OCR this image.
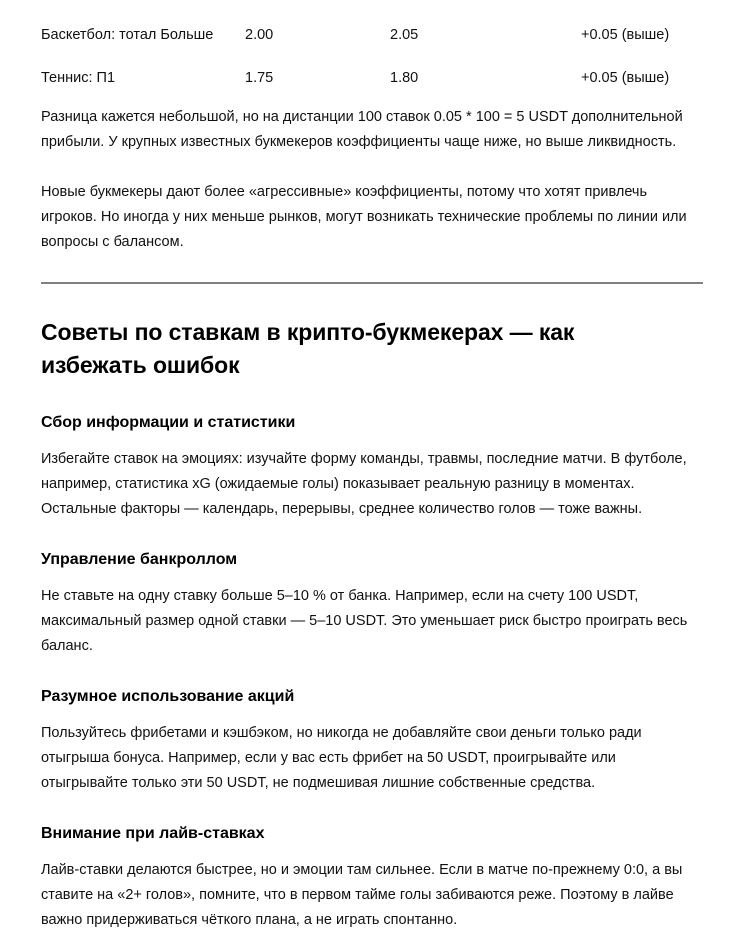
Баскетбол: тотал Больше	2.00	2.05	+0.05 (выше)
Теннис: П1	1.75	1.80	+0.05 (выше)

Разница кажется небольшой, но на дистанции 100 ставок 0.05 * 100 = 5 USDT дополнительной прибыли. У крупных известных букмекеров коэффициенты чаще ниже, но выше ликвидность.

Новые букмекеры дают более «агрессивные» коэффициенты, потому что хотят привлечь игроков. Но иногда у них меньше рынков, могут возникать технические проблемы по линии или вопросы с балансом.

Советы по ставкам в крипто-букмекерах — как избежать ошибок
Сбор информации и статистики

Избегайте ставок на эмоциях: изучайте форму команды, травмы, последние матчи. В футболе, например, статистика xG (ожидаемые голы) показывает реальную разницу в моментах. Остальные факторы — календарь, перерывы, среднее количество голов — тоже важны.

Управление банкроллом

Не ставьте на одну ставку больше 5–10 % от банка. Например, если на счету 100 USDT, максимальный размер одной ставки — 5–10 USDT. Это уменьшает риск быстро проиграть весь баланс.

Разумное использование акций

Пользуйтесь фрибетами и кэшбэком, но никогда не добавляйте свои деньги только ради отыгрыша бонуса. Например, если у вас есть фрибет на 50 USDT, проигрывайте или отыгрывайте только эти 50 USDT, не подмешивая лишние собственные средства.

Внимание при лайв-ставках

Лайв-ставки делаются быстрее, но и эмоции там сильнее. Если в матче по-прежнему 0:0, а вы ставите на «2+ голов», помните, что в первом тайме голы забиваются реже. Поэтому в лайве важно придерживаться чёткого плана, а не играть спонтанно.
